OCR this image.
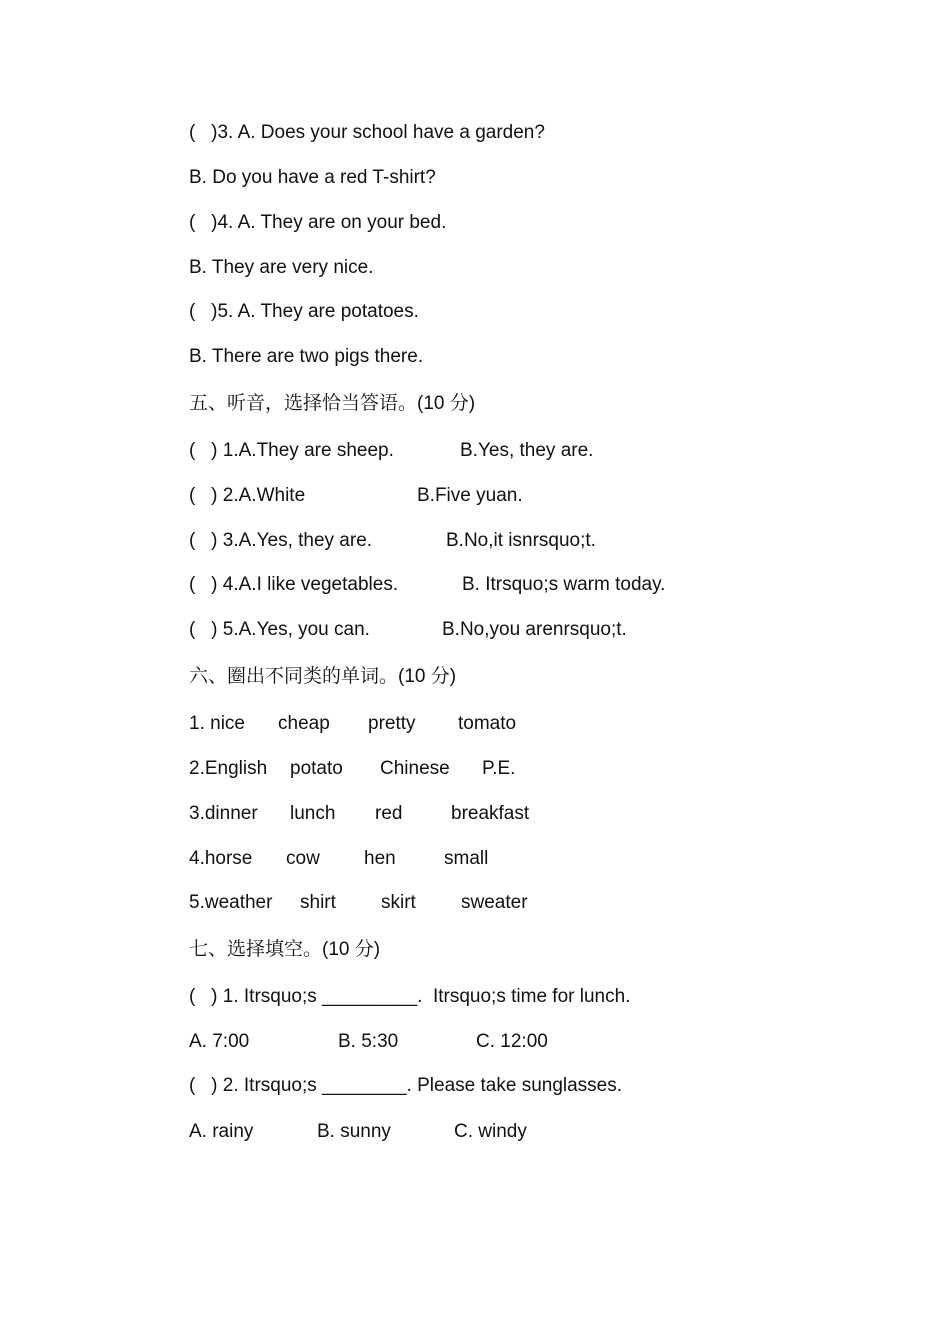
(   )3. A. Does your school have a garden?
B. Do you have a red T-shirt?
(   )4. A. They are on your bed.
B. They are very nice.
(   )5. A. They are potatoes.
B. There are two pigs there.
五、听音，选择恰当答语。(10 分)
(   ) 1.A.They are sheep.	B.Yes, they are.
(   ) 2.A.White	B.Five yuan.
(   ) 3.A.Yes, they are.	B.No,it isnrsquo;t.
(   ) 4.A.I like vegetables.	B. Itrsquo;s warm today.
(   ) 5.A.Yes, you can.	B.No,you arenrsquo;t.
六、圈出不同类的单词。(10 分)
1. nice cheap pretty tomato
2.English potato Chinese P.E.
3.dinner lunch red	breakfast
4.horse cow hen	small
5.weather shirt skirt sweater
七、选择填空。(10 分)
(   ) 1. Itrsquo;s _________.  Itrsquo;s time for lunch.
A. 7:00	B. 5:30	C. 12:00
(   ) 2. Itrsquo;s ________. Please take sunglasses.
A. rainy	B. sunny	C. windy
